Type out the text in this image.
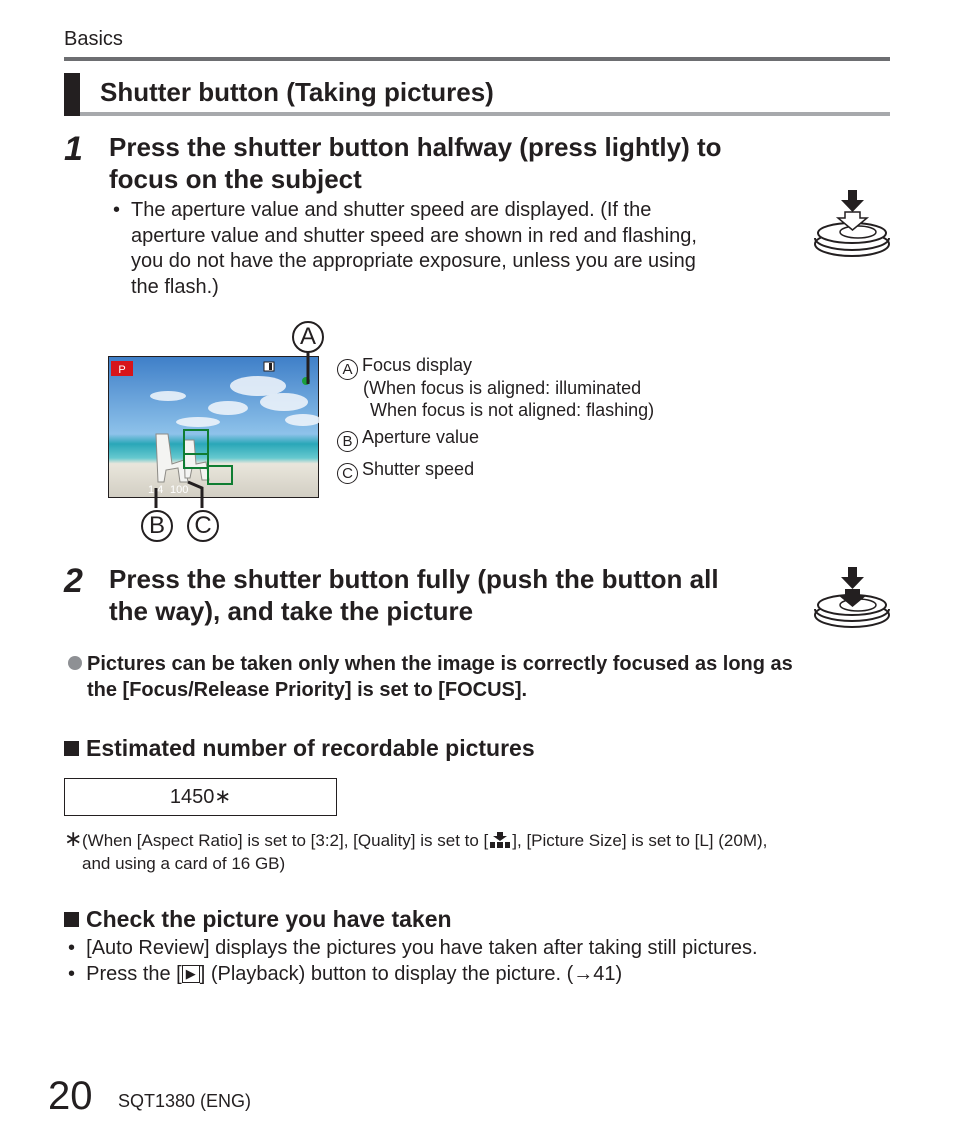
Basics
Shutter button (Taking pictures)
1 Press the shutter button halfway (press lightly) to
focus on the subject
• The aperture value and shutter speed are displayed. (If the
aperture value and shutter speed are shown in red and flashing,
you do not have the appropriate exposure, unless you are using
the flash.)
P
1.4 100
A
B	C
A Focus display
(When focus is aligned: illuminated
When focus is not aligned: flashing)
B Aperture value
C Shutter speed
2 Press the shutter button fully (push the button all
the way), and take the picture
Pictures can be taken only when the image is correctly focused as long as
the [Focus/Release Priority] is set to [FOCUS].
Estimated number of recordable pictures
1450∗
∗ (When [Aspect Ratio] is set to [3:2], [Quality] is set to [ ], [Picture Size] is set to [L] (20M),
and using a card of 16 GB)
Check the picture you have taken
• [Auto Review] displays the pictures you have taken after taking still pictures.
• Press the [ ▶ ] (Playback) button to display the picture. (→41)
20 SQT1380 (ENG)
